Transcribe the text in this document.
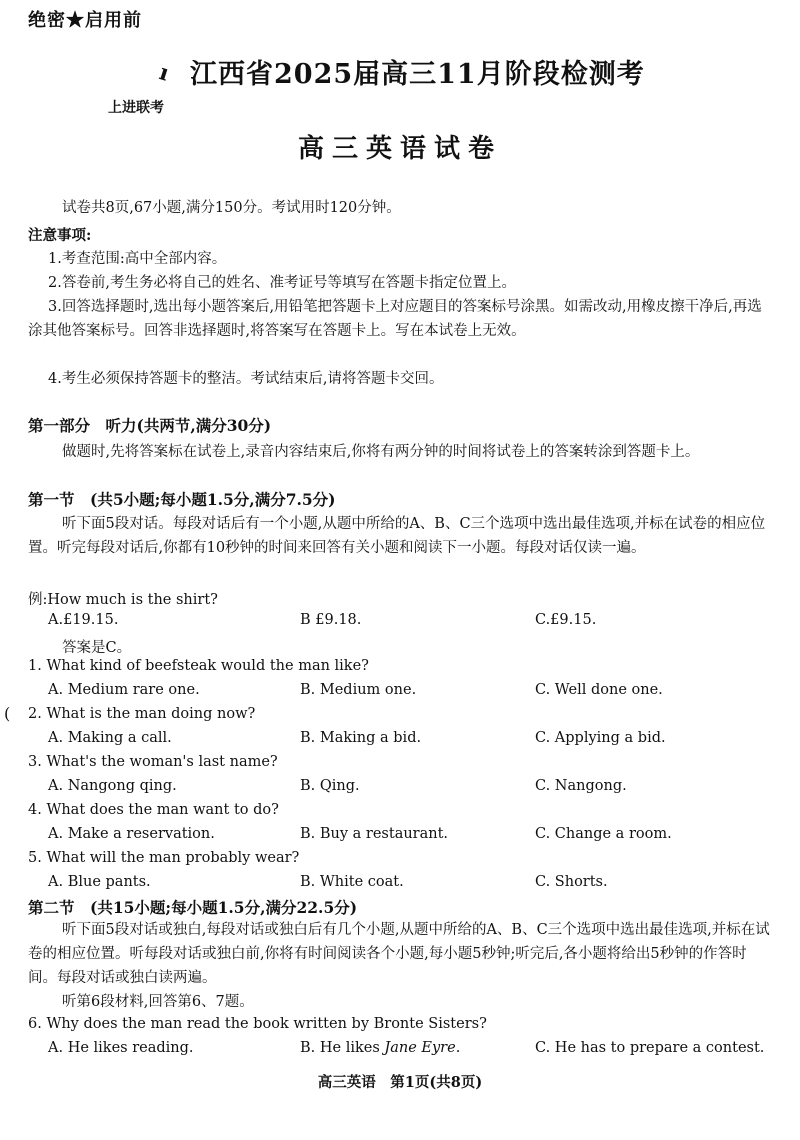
绝密★启用前
ı 江西省2025届高三11月阶段检测考
上进联考
高三英语试卷
试卷共8页,67小题,满分150分。考试用时120分钟。
注意事项:
1.考查范围:高中全部内容。
2.答卷前,考生务必将自己的姓名、准考证号等填写在答题卡指定位置上。
3.回答选择题时,选出每小题答案后,用铅笔把答题卡上对应题目的答案标号涂黑。如需改动,用橡皮擦干净后,再选涂其他答案标号。回答非选择题时,将答案写在答题卡上。写在本试卷上无效。
4.考生必须保持答题卡的整洁。考试结束后,请将答题卡交回。
第一部分　听力(共两节,满分30分)
做题时,先将答案标在试卷上,录音内容结束后,你将有两分钟的时间将试卷上的答案转涂到答题卡上。
第一节　(共5小题;每小题1.5分,满分7.5分)
听下面5段对话。每段对话后有一个小题,从题中所给的A、B、C三个选项中选出最佳选项,并标在试卷的相应位置。听完每段对话后,你都有10秒钟的时间来回答有关小题和阅读下一小题。每段对话仅读一遍。
例:How much is the shirt?
A.£19.15.	B £9.18.	C.£9.15.
答案是C。
1. What kind of beefsteak would the man like?
A. Medium rare one.	B. Medium one.	C. Well done one.
( 2. What is the man doing now?
A. Making a call.	B. Making a bid.	C. Applying a bid.
3. What's the woman's last name?
A. Nangong qing.	B. Qing.	C. Nangong.
4. What does the man want to do?
A. Make a reservation.	B. Buy a restaurant.	C. Change a room.
5. What will the man probably wear?
A. Blue pants.	B. White coat.	C. Shorts.
第二节　(共15小题;每小题1.5分,满分22.5分)
听下面5段对话或独白,每段对话或独白后有几个小题,从题中所给的A、B、C三个选项中选出最佳选项,并标在试卷的相应位置。听每段对话或独白前,你将有时间阅读各个小题,每小题5秒钟;听完后,各小题将给出5秒钟的作答时间。每段对话或独白读两遍。
听第6段材料,回答第6、7题。
6. Why does the man read the book written by Bronte Sisters?
A. He likes reading.	B. He likes Jane Eyre.	C. He has to prepare a contest.
高三英语　第1页(共8页)
